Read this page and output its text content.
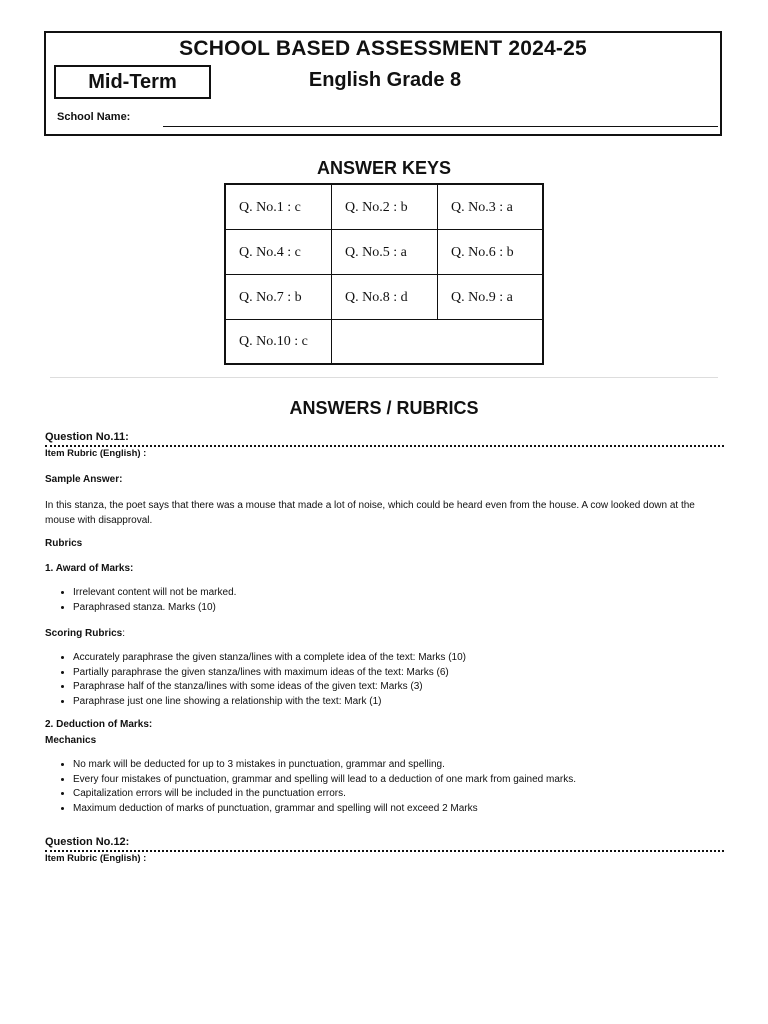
SCHOOL BASED ASSESSMENT 2024-25
Mid-Term	English Grade 8
School Name:
ANSWER KEYS
Q. No.1 : c	Q. No.2 : b	Q. No.3 : a
Q. No.4 : c	Q. No.5 : a	Q. No.6 : b
Q. No.7 : b	Q. No.8 : d	Q. No.9 : a
Q. No.10 : c
ANSWERS / RUBRICS
Question No.11:
Item Rubric (English) :
Sample Answer:
In this stanza, the poet says that there was a mouse that made a lot of noise, which could be heard even from the house. A cow looked down at the mouse with disapproval.
Rubrics
1. Award of Marks:
• Irrelevant content will not be marked.
• Paraphrased stanza. Marks (10)
Scoring Rubrics:
• Accurately paraphrase the given stanza/lines with a complete idea of the text: Marks (10)
• Partially paraphrase the given stanza/lines with maximum ideas of the text: Marks (6)
• Paraphrase half of the stanza/lines with some ideas of the given text: Marks (3)
• Paraphrase just one line showing a relationship with the text: Mark (1)
2. Deduction of Marks:
Mechanics
• No mark will be deducted for up to 3 mistakes in punctuation, grammar and spelling.
• Every four mistakes of punctuation, grammar and spelling will lead to a deduction of one mark from gained marks.
• Capitalization errors will be included in the punctuation errors.
• Maximum deduction of marks of punctuation, grammar and spelling will not exceed 2 Marks
Question No.12:
Item Rubric (English) :
